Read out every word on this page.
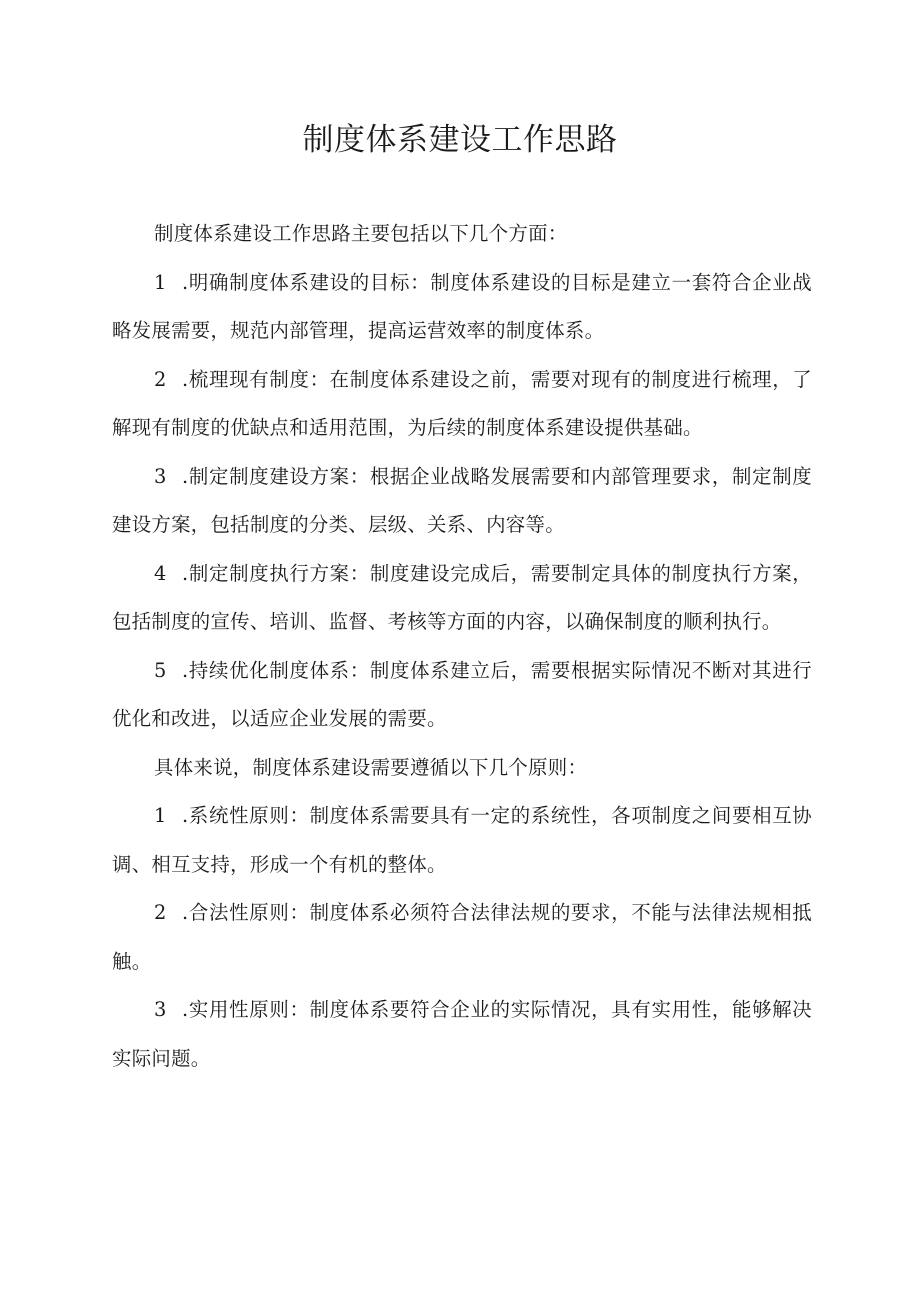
制度体系建设工作思路

制度体系建设工作思路主要包括以下几个方面：

1 .明确制度体系建设的目标：制度体系建设的目标是建立一套符合企业战略发展需要，规范内部管理，提高运营效率的制度体系。

2 .梳理现有制度：在制度体系建设之前，需要对现有的制度进行梳理，了解现有制度的优缺点和适用范围，为后续的制度体系建设提供基础。

3 .制定制度建设方案：根据企业战略发展需要和内部管理要求，制定制度建设方案，包括制度的分类、层级、关系、内容等。

4 .制定制度执行方案：制度建设完成后，需要制定具体的制度执行方案，包括制度的宣传、培训、监督、考核等方面的内容，以确保制度的顺利执行。

5 .持续优化制度体系：制度体系建立后，需要根据实际情况不断对其进行优化和改进，以适应企业发展的需要。

具体来说，制度体系建设需要遵循以下几个原则：

1 .系统性原则：制度体系需要具有一定的系统性，各项制度之间要相互协调、相互支持，形成一个有机的整体。

2 .合法性原则：制度体系必须符合法律法规的要求，不能与法律法规相抵触。

3 .实用性原则：制度体系要符合企业的实际情况，具有实用性，能够解决实际问题。
